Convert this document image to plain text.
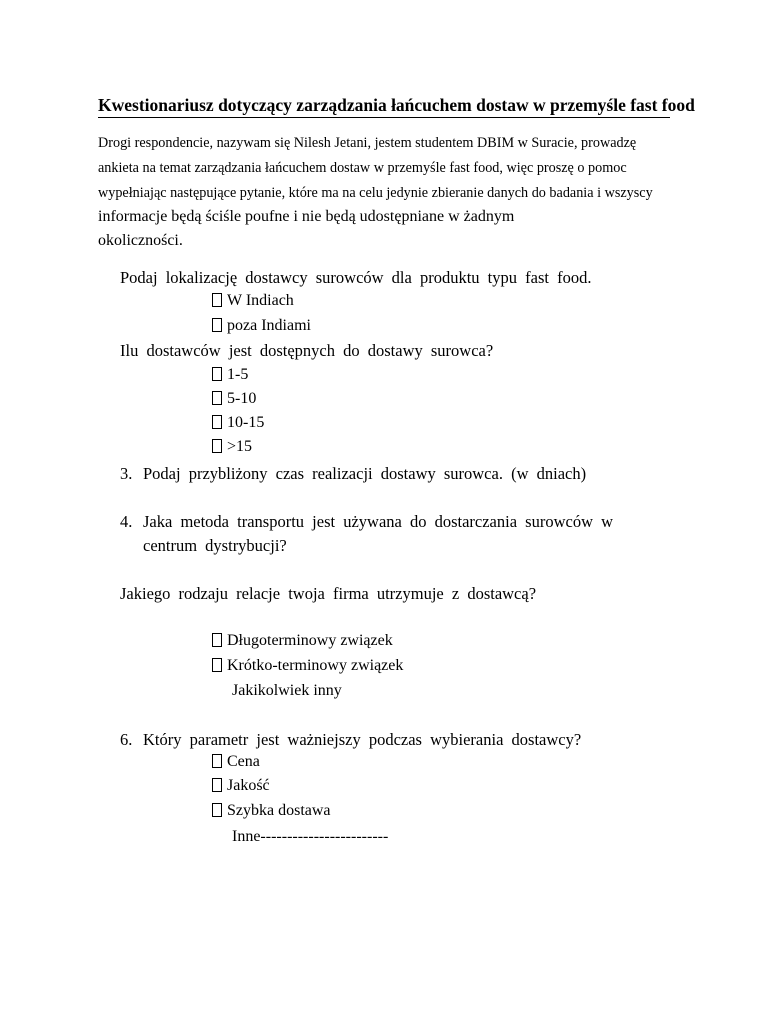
Kwestionariusz dotyczący zarządzania łańcuchem dostaw w przemyśle fast food
Drogi respondencie, nazywam się Nilesh Jetani, jestem studentem DBIM w Suracie, prowadzę
ankieta na temat zarządzania łańcuchem dostaw w przemyśle fast food, więc proszę o pomoc
wypełniając następujące pytanie, które ma na celu jedynie zbieranie danych do badania i wszyscy
informacje będą ściśle poufne i nie będą udostępniane w żadnym
okoliczności.
Podaj lokalizację dostawcy surowców dla produktu typu fast food.
W Indiach
poza Indiami
Ilu dostawców jest dostępnych do dostawy surowca?
1-5
5-10
10-15
>15
3. Podaj przybliżony czas realizacji dostawy surowca. (w dniach)
4. Jaka metoda transportu jest używana do dostarczania surowców w
centrum dystrybucji?
Jakiego rodzaju relacje twoja firma utrzymuje z dostawcą?
Długoterminowy związek
Krótko-terminowy związek
Jakikolwiek inny
6. Który parametr jest ważniejszy podczas wybierania dostawcy?
Cena
Jakość
Szybka dostawa
Inne------------------------
